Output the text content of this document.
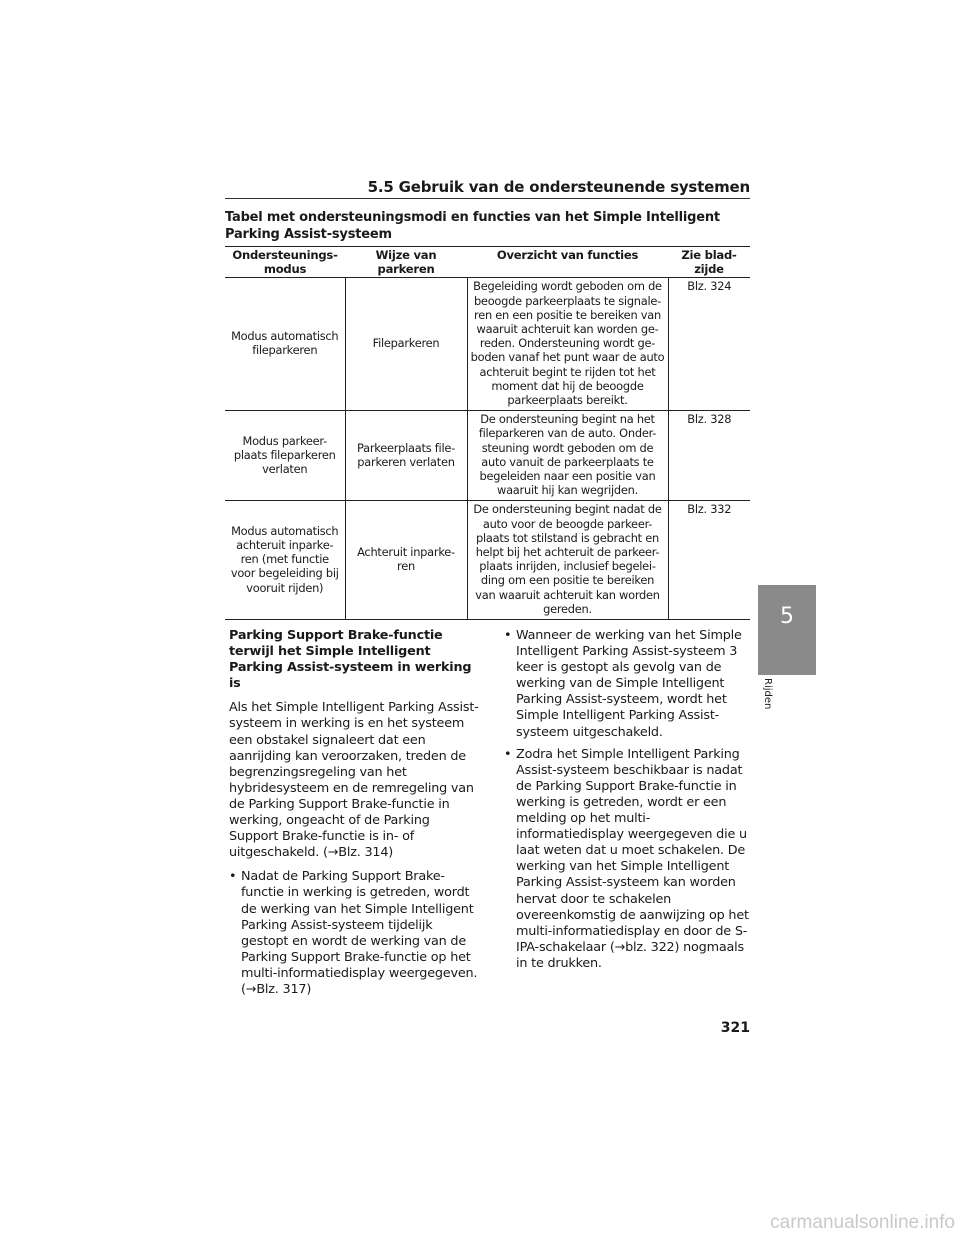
5.5 Gebruik van de ondersteunende systemen
Tabel met ondersteuningsmodi en functies van het Simple Intelligent Parking Assist-systeem
Ondersteunings-modus	Wijze van parkeren	Overzicht van functies	Zie blad-zijde
Modus automatisch fileparkeren	Fileparkeren	Begeleiding wordt geboden om de beoogde parkeerplaats te signale-ren en een positie te bereiken van waaruit achteruit kan worden ge-reden. Ondersteuning wordt ge-boden vanaf het punt waar de auto achteruit begint te rijden tot het moment dat hij de beoogde parkeerplaats bereikt.	Blz. 324
Modus parkeer-plaats fileparkeren verlaten	Parkeerplaats file-parkeren verlaten	De ondersteuning begint na het fileparkeren van de auto. Onder-steuning wordt geboden om de auto vanuit de parkeerplaats te begeleiden naar een positie van waaruit hij kan wegrijden.	Blz. 328
Modus automatisch achteruit inparke-ren (met functie voor begeleiding bij vooruit rijden)	Achteruit inparke-ren	De ondersteuning begint nadat de auto voor de beoogde parkeer-plaats tot stilstand is gebracht en helpt bij het achteruit de parkeer-plaats inrijden, inclusief begelei-ding om een positie te bereiken van waaruit achteruit kan worden gereden.	Blz. 332
Parking Support Brake-functie terwijl het Simple Intelligent Parking Assist-systeem in werking is
Als het Simple Intelligent Parking Assist-systeem in werking is en het systeem een obstakel signaleert dat een aanrijding kan veroorzaken, treden de begrenzingsregeling van het hybridesysteem en de remregeling van de Parking Support Brake-functie in werking, ongeacht of de Parking Support Brake-functie is in- of uitgeschakeld. (→Blz. 314)
• Nadat de Parking Support Brake-functie in werking is getreden, wordt de werking van het Simple Intelligent Parking Assist-systeem tijdelijk gestopt en wordt de werking van de Parking Support Brake-functie op het multi-informatiedisplay weergegeven. (→Blz. 317)
• Wanneer de werking van het Simple Intelligent Parking Assist-systeem 3 keer is gestopt als gevolg van de werking van de Simple Intelligent Parking Assist-systeem, wordt het Simple Intelligent Parking Assist-systeem uitgeschakeld.
• Zodra het Simple Intelligent Parking Assist-systeem beschikbaar is nadat de Parking Support Brake-functie in werking is getreden, wordt er een melding op het multi-informatiedisplay weergegeven die u laat weten dat u moet schakelen. De werking van het Simple Intelligent Parking Assist-systeem kan worden hervat door te schakelen overeenkomstig de aanwijzing op het multi-informatiedisplay en door de S-IPA-schakelaar (→blz. 322) nogmaals in te drukken.
5
Rijden
321
carmanualsonline.info
